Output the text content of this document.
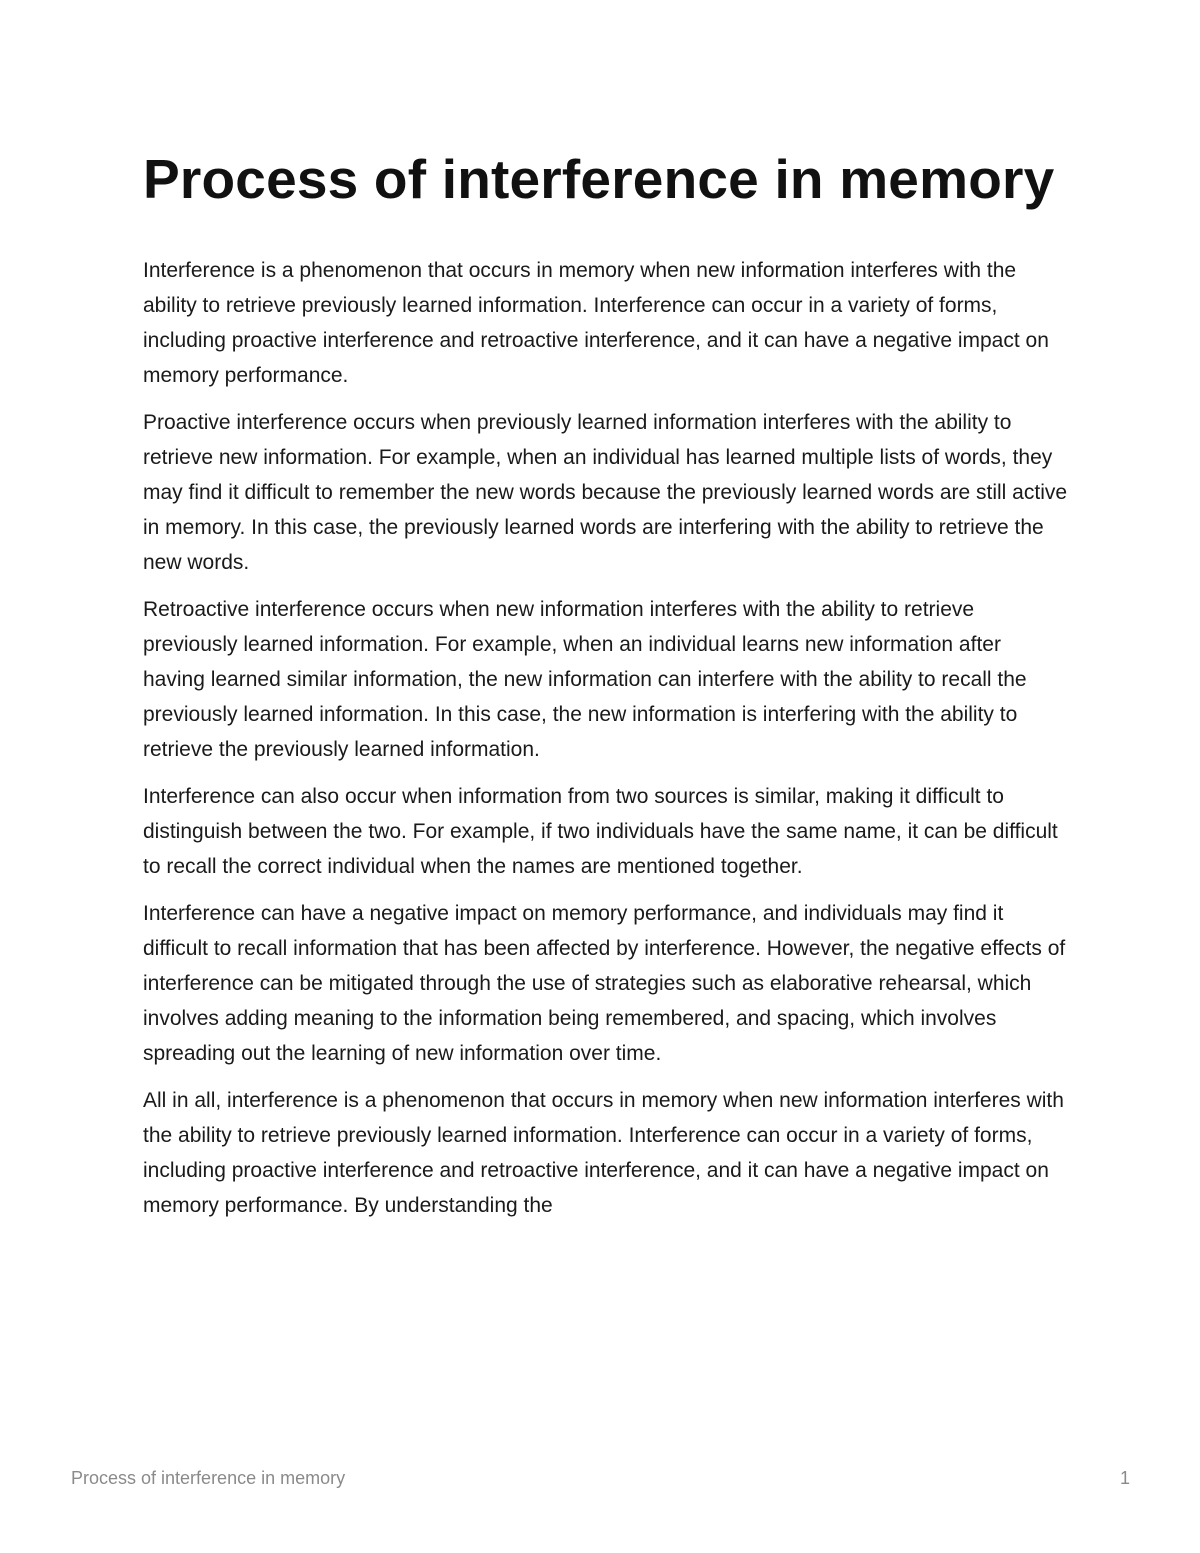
Process of interference in memory

Interference is a phenomenon that occurs in memory when new information interferes with the ability to retrieve previously learned information. Interference can occur in a variety of forms, including proactive interference and retroactive interference, and it can have a negative impact on memory performance.

Proactive interference occurs when previously learned information interferes with the ability to retrieve new information. For example, when an individual has learned multiple lists of words, they may find it difficult to remember the new words because the previously learned words are still active in memory. In this case, the previously learned words are interfering with the ability to retrieve the new words.

Retroactive interference occurs when new information interferes with the ability to retrieve previously learned information. For example, when an individual learns new information after having learned similar information, the new information can interfere with the ability to recall the previously learned information. In this case, the new information is interfering with the ability to retrieve the previously learned information.

Interference can also occur when information from two sources is similar, making it difficult to distinguish between the two. For example, if two individuals have the same name, it can be difficult to recall the correct individual when the names are mentioned together.

Interference can have a negative impact on memory performance, and individuals may find it difficult to recall information that has been affected by interference. However, the negative effects of interference can be mitigated through the use of strategies such as elaborative rehearsal, which involves adding meaning to the information being remembered, and spacing, which involves spreading out the learning of new information over time.

All in all, interference is a phenomenon that occurs in memory when new information interferes with the ability to retrieve previously learned information. Interference can occur in a variety of forms, including proactive interference and retroactive interference, and it can have a negative impact on memory performance. By understanding the

Process of interference in memory	1
